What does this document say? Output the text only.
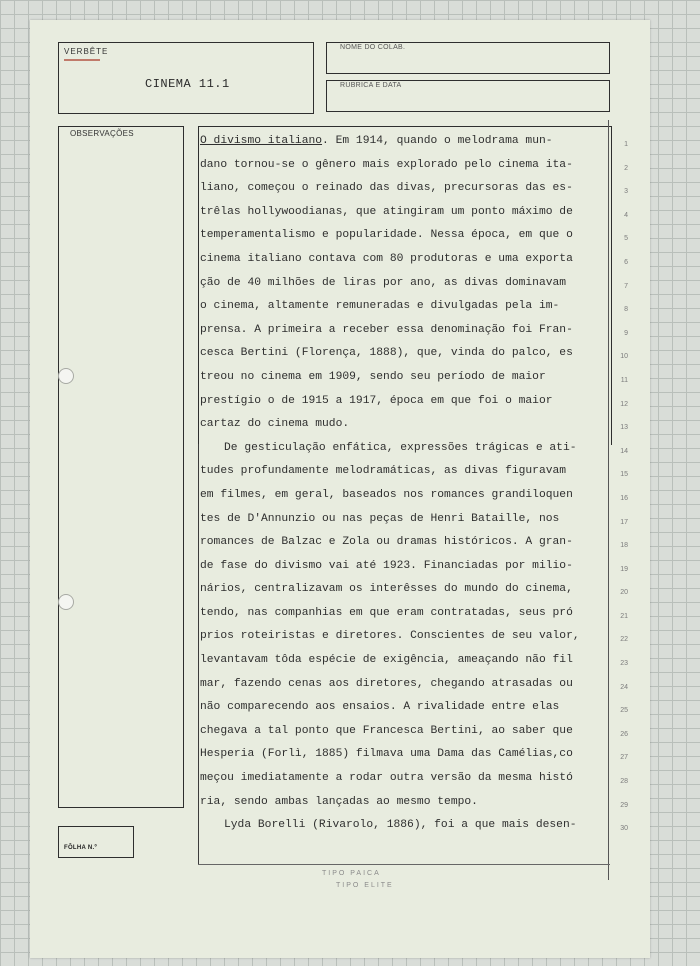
VERBÊTE
CINEMA 11.1
NOME DO COLAB.
RUBRICA E DATA
OBSERVAÇÕES
FÔLHA N.º
TIPO PAICA
TIPO ELITE
O divismo italiano. Em 1914, quando o melodrama mun-
dano tornou-se o gênero mais explorado pelo cinema ita-
liano, começou o reinado das divas, precursoras das es-
trêlas hollywoodianas, que atingiram um ponto máximo de
temperamentalismo e popularidade. Nessa época, em que o
cinema italiano contava com 80 produtoras e uma exporta
ção de 40 milhões de liras por ano, as divas dominavam
o cinema, altamente remuneradas e divulgadas pela im-
prensa. A primeira a receber essa denominação foi Fran-
cesca Bertini (Florença, 1888), que, vinda do palco, es
treou no cinema em 1909, sendo seu período de maior
prestígio o de 1915 a 1917, época em que foi o maior
cartaz do cinema mudo.
De gesticulação enfática, expressões trágicas e ati-
tudes profundamente melodramáticas, as divas figuravam
em filmes, em geral, baseados nos romances grandiloquen
tes de D'Annunzio ou nas peças de Henri Bataille, nos
romances de Balzac e Zola ou dramas históricos. A gran-
de fase do divismo vai até 1923. Financiadas por milio-
nários, centralizavam os interêsses do mundo do cinema,
tendo, nas companhias em que eram contratadas, seus pró
prios roteiristas e diretores. Conscientes de seu valor,
levantavam tôda espécie de exigência, ameaçando não fil
mar, fazendo cenas aos diretores, chegando atrasadas ou
não comparecendo aos ensaios. A rivalidade entre elas
chegava a tal ponto que Francesca Bertini, ao saber que
Hesperia (Forlì, 1885) filmava uma Dama das Camélias,co
meçou imediatamente a rodar outra versão da mesma histó
ria, sendo ambas lançadas ao mesmo tempo.
Lyda Borelli (Rivarolo, 1886), foi a que mais desen-
1
2
3
4
5
6
7
8
9
10
11
12
13
14
15
16
17
18
19
20
21
22
23
24
25
26
27
28
29
30
